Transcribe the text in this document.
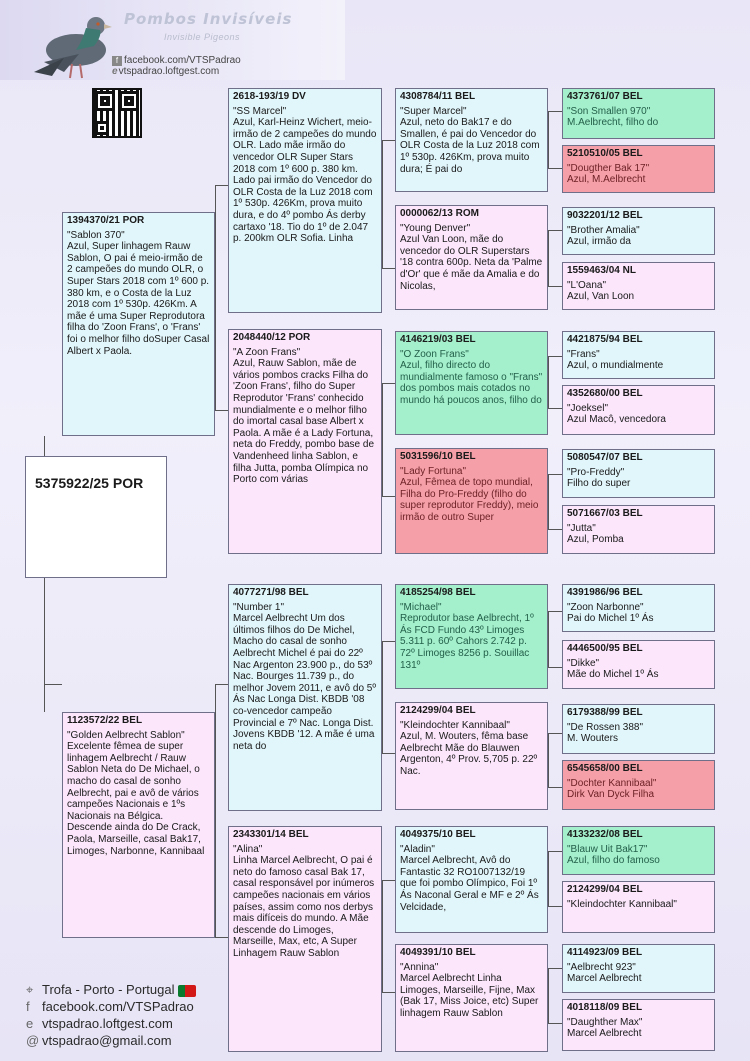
Pombos Invisíveis
Invisible Pigeons
f facebook.com/VTSPadrao evtspadrao.loftgest.com
5375922/25 POR
1394370/21 POR
"Sablon 370"
Azul, Super linhagem Rauw Sablon, O pai é meio-irmão de 2 campeões do mundo OLR, o Super Stars 2018 com 1º 600 p. 380 km, e o Costa de la Luz 2018 com 1º 530p. 426Km. A mãe é uma Super Reprodutora filha do 'Zoon Frans', o 'Frans' foi o melhor filho doSuper Casal Albert x Paola.
1123572/22 BEL
"Golden Aelbrecht Sablon"
Excelente fêmea de super linhagem Aelbrecht / Rauw Sablon Neta do De Michael, o macho do casal de sonho Aelbrecht, pai e avô de vários campeões Nacionais e 1ºs Nacionais na Bélgica. Descende ainda do De Crack, Paola, Marseille, casal Bak17, Limoges, Narbonne, Kannibaal
2618-193/19 DV
"SS Marcel"
Azul, Karl-Heinz Wichert, meio-irmão de 2 campeões do mundo OLR. Lado mãe irmão do vencedor OLR Super Stars 2018 com 1º 600 p. 380 km. Lado pai irmão do Vencedor do OLR Costa de la Luz 2018 com 1º 530p. 426Km, prova muito dura, e do 4º pombo Ás derby cartaxo '18. Tio do 1º de 2.047 p. 200km OLR Sofia. Linha
2048440/12 POR
"A Zoon Frans"
Azul, Rauw Sablon, mãe de vários pombos cracks Filha do 'Zoon Frans', filho do Super Reprodutor 'Frans' conhecido mundialmente e o melhor filho do imortal casal base Albert x Paola. A mãe é a Lady Fortuna, neta do Freddy, pombo base de Vandenheed linha Sablon, e filha Jutta, pomba Olímpica no Porto com várias
4077271/98 BEL
"Number 1"
Marcel Aelbrecht Um dos últimos filhos do De Michel, Macho do casal de sonho Aelbrecht Michel é pai do 22º Nac Argenton 23.900 p., do 53º Nac. Bourges 11.739 p., do melhor Jovem 2011, e avô do 5º Ás Nac Longa Dist. KBDB '08 co-vencedor campeão Provincial e 7º Nac. Longa Dist. Jovens KBDB '12. A mãe é uma neta do
2343301/14 BEL
"Alina"
Linha Marcel Aelbrecht, O pai é neto do famoso casal Bak 17, casal responsável por inúmeros campeões nacionais em vários países, assim como nos derbys mais difíceis do mundo. A Mãe descende do Limoges, Marseille, Max, etc, A Super Linhagem Rauw Sablon
4308784/11 BEL
"Super Marcel"
Azul, neto do Bak17 e do Smallen, é pai do Vencedor do OLR Costa de la Luz 2018 com 1º 530p. 426Km, prova muito dura; É pai do
0000062/13 ROM
"Young Denver"
Azul Van Loon, mãe do vencedor do OLR Superstars '18 contra 600p. Neta da 'Palme d'Or' que é mãe da Amalia e do Nicolas,
4146219/03 BEL
"O Zoon Frans"
Azul, filho directo do mundialmente famoso o "Frans" dos pombos mais cotados no mundo há poucos anos, filho do
5031596/10 BEL
"Lady Fortuna"
Azul, Fêmea de topo mundial, Filha do Pro-Freddy (filho do super reprodutor Freddy), meio irmão de outro Super
4185254/98 BEL
"Michael"
Reprodutor base Aelbrecht, 1º Ás FCD Fundo 43º Limoges 5.311 p. 60º Cahors 2.742 p. 72º Limoges 8256 p. Souillac 131º
2124299/04 BEL
"Kleindochter Kannibaal"
Azul, M. Wouters, fêma base Aelbrecht Mãe do Blauwen Argenton, 4º Prov. 5,705 p. 22º Nac.
4049375/10 BEL
"Aladin"
Marcel Aelbrecht, Avô do Fantastic 32 RO1007132/19 que foi pombo Olímpico, Foi 1º Ás Naconal Geral e MF e 2º Ás Velcidade,
4049391/10 BEL
"Annina"
Marcel Aelbrecht Linha Limoges, Marseille, Fijne, Max (Bak 17, Miss Joice, etc) Super linhagem Rauw Sablon
4373761/07 BEL
"Son Smallen 970"
M.Aelbrecht, filho do
5210510/05 BEL
"Dougther Bak 17"
Azul, M.Aelbrecht
9032201/12 BEL
"Brother Amalia"
Azul, irmão da
1559463/04 NL
"L'Oana"
Azul, Van Loon
4421875/94 BEL
"Frans"
Azul, o mundialmente
4352680/00 BEL
"Joeksel"
Azul Macô, vencedora
5080547/07 BEL
"Pro-Freddy"
Filho do super
5071667/03 BEL
"Jutta"
Azul, Pomba
4391986/96 BEL
"Zoon Narbonne"
Pai do Michel 1º Ás
4446500/95 BEL
"Dikke"
Mãe do Michel 1º Ás
6179388/99 BEL
"De Rossen 388"
M. Wouters
6545658/00 BEL
"Dochter Kannibaal"
Dirk Van Dyck Filha
4133232/08 BEL
"Blauw Uit Bak17"
Azul, filho do famoso
2124299/04 BEL
"Kleindochter Kannibaal"
4114923/09 BEL
"Aelbrecht 923"
Marcel Aelbrecht
4018118/09 BEL
"Daughther Max"
Marcel Aelbrecht
⌖ Trofa - Porto - Portugal
f facebook.com/VTSPadrao
e vtspadrao.loftgest.com
@ vtspadrao@gmail.com
